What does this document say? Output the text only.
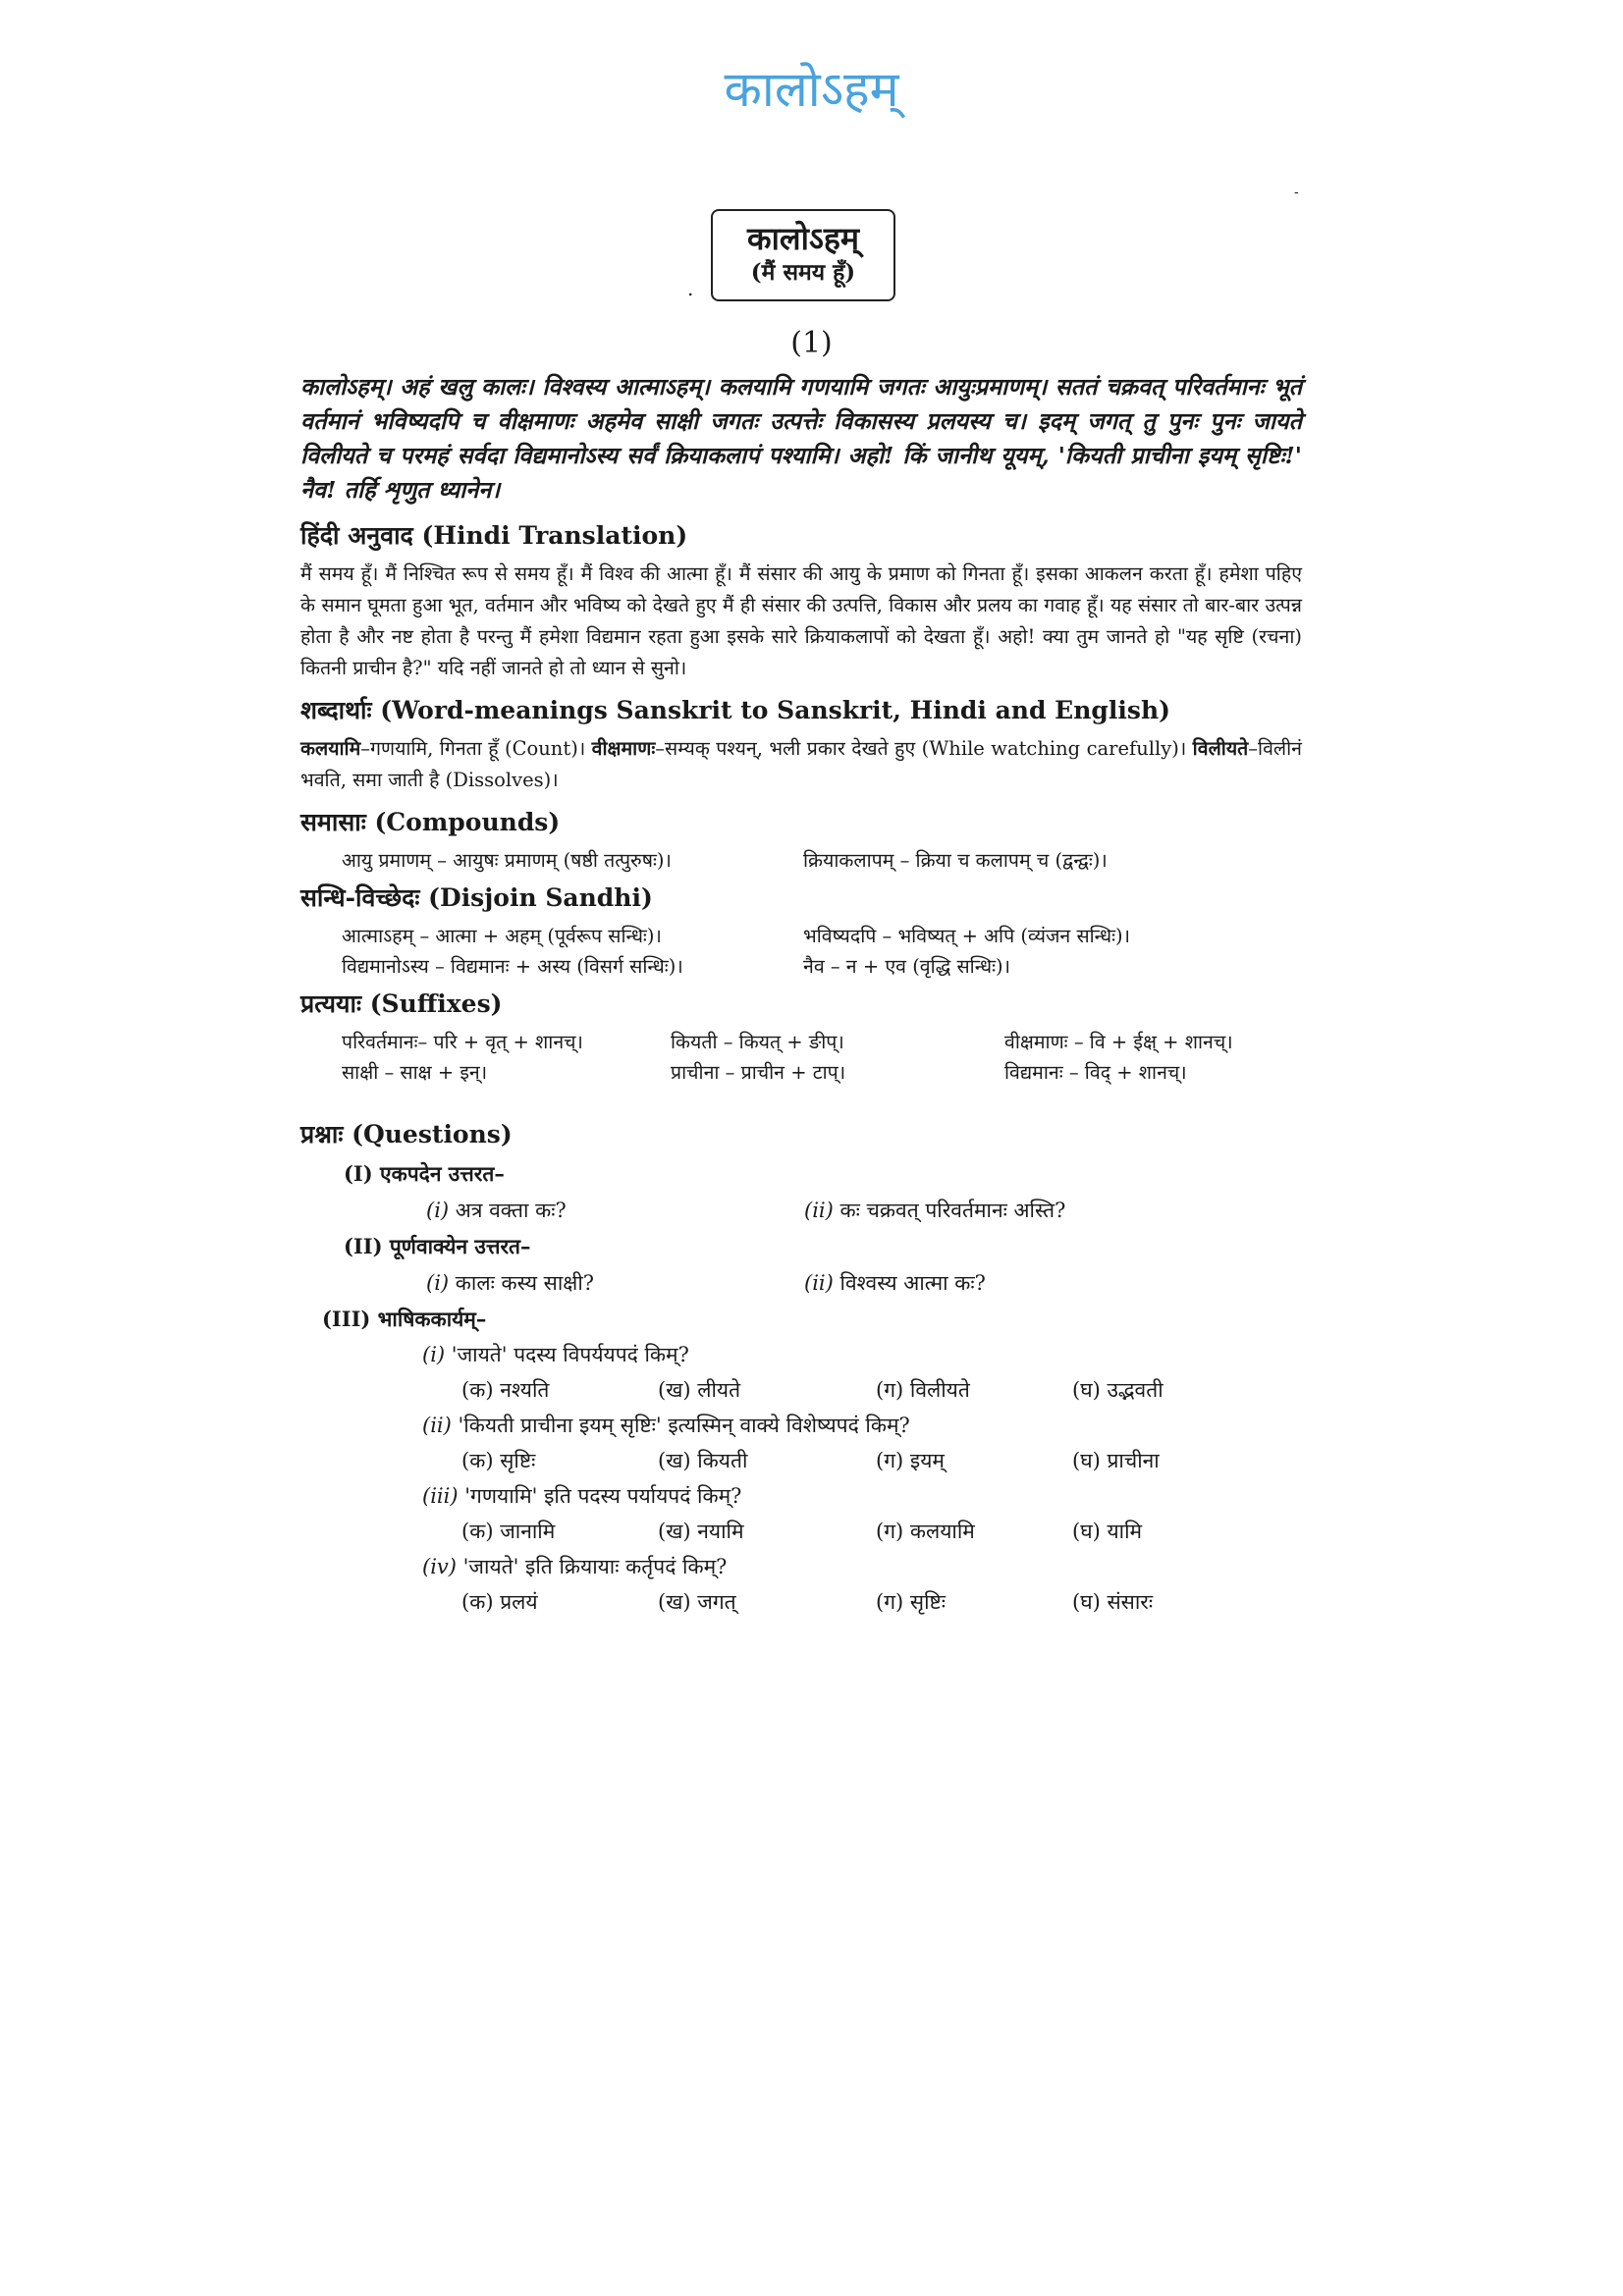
कालोऽहम्
-
.
कालोऽहम्
(मैं समय हूँ)
(1)

कालोऽहम्। अहं खलु कालः। विश्वस्य आत्माऽहम्। कलयामि गणयामि जगतः आयुःप्रमाणम्। सततं चक्रवत् परिवर्तमानः भूतं वर्तमानं भविष्यदपि च वीक्षमाणः अहमेव साक्षी जगतः उत्पत्तेः विकासस्य प्रलयस्य च। इदम् जगत् तु पुनः पुनः जायते विलीयते च परमहं सर्वदा विद्यमानोऽस्य सर्वं क्रियाकलापं पश्यामि। अहो! किं जानीथ यूयम्, 'कियती प्राचीना इयम् सृष्टिः!' नैव! तर्हि शृणुत ध्यानेन।

हिंदी अनुवाद (Hindi Translation)

मैं समय हूँ। मैं निश्चित रूप से समय हूँ। मैं विश्व की आत्मा हूँ। मैं संसार की आयु के प्रमाण को गिनता हूँ। इसका आकलन करता हूँ। हमेशा पहिए के समान घूमता हुआ भूत, वर्तमान और भविष्य को देखते हुए मैं ही संसार की उत्पत्ति, विकास और प्रलय का गवाह हूँ। यह संसार तो बार-बार उत्पन्न होता है और नष्ट होता है परन्तु मैं हमेशा विद्यमान रहता हुआ इसके सारे क्रियाकलापों को देखता हूँ। अहो! क्या तुम जानते हो "यह सृष्टि (रचना) कितनी प्राचीन है?" यदि नहीं जानते हो तो ध्यान से सुनो।

शब्दार्थाः (Word-meanings Sanskrit to Sanskrit, Hindi and English)

कलयामि–गणयामि, गिनता हूँ (Count)। वीक्षमाणः–सम्यक् पश्यन्, भली प्रकार देखते हुए (While watching carefully)। विलीयते–विलीनं भवति, समा जाती है (Dissolves)।

समासाः (Compounds)
आयु प्रमाणम् – आयुषः प्रमाणम् (षष्ठी तत्पुरुषः)।	क्रियाकलापम् – क्रिया च कलापम् च (द्वन्द्वः)।
सन्धि-विच्छेदः (Disjoin Sandhi)
आत्माऽहम् – आत्मा + अहम् (पूर्वरूप सन्धिः)।	भविष्यदपि – भविष्यत् + अपि (व्यंजन सन्धिः)।
विद्यमानोऽस्य – विद्यमानः + अस्य (विसर्ग सन्धिः)।	नैव – न + एव (वृद्धि सन्धिः)।
प्रत्ययाः (Suffixes)
परिवर्तमानः– परि + वृत् + शानच्।	कियती – कियत् + ङीप्।	वीक्षमाणः – वि + ईक्ष् + शानच्।
साक्षी – साक्ष + इन्।	प्राचीना – प्राचीन + टाप्।	विद्यमानः – विद् + शानच्।
प्रश्नाः (Questions)
(I) एकपदेन उत्तरत–
(i) अत्र वक्ता कः?	(ii) कः चक्रवत् परिवर्तमानः अस्ति?
(II) पूर्णवाक्येन उत्तरत–
(i) कालः कस्य साक्षी?	(ii) विश्वस्य आत्मा कः?
(III) भाषिककार्यम्–
(i) 'जायते' पदस्य विपर्ययपदं किम्?
(क) नश्यति	(ख) लीयते	(ग) विलीयते	(घ) उद्भवती
(ii) 'कियती प्राचीना इयम् सृष्टिः' इत्यस्मिन् वाक्ये विशेष्यपदं किम्?
(क) सृष्टिः	(ख) कियती	(ग) इयम्	(घ) प्राचीना
(iii) 'गणयामि' इति पदस्य पर्यायपदं किम्?
(क) जानामि	(ख) नयामि	(ग) कलयामि	(घ) यामि
(iv) 'जायते' इति क्रियायाः कर्तृपदं किम्?
(क) प्रलयं	(ख) जगत्	(ग) सृष्टिः	(घ) संसारः
